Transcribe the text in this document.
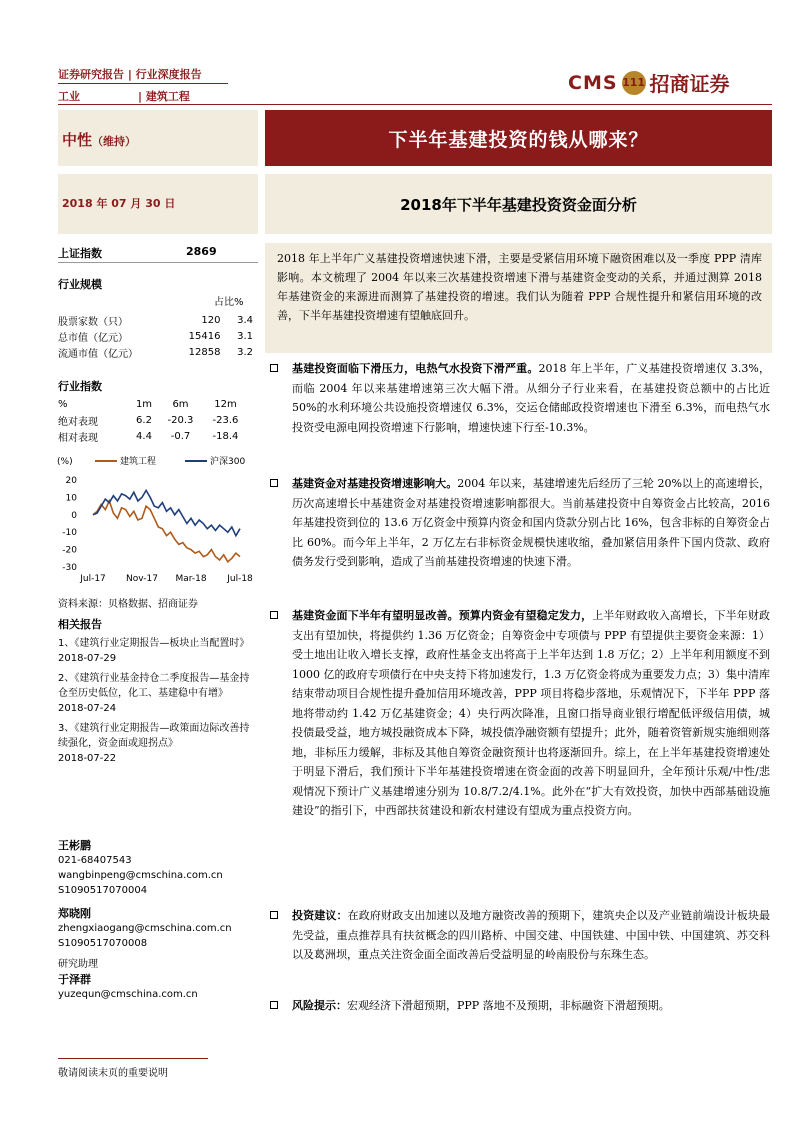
证券研究报告 | 行业深度报告
工业	| 建筑工程
CMS 111 招商证券
中性（维持）	下半年基建投资的钱从哪来？
2018 年 07 月 30 日	2018年下半年基建投资资金面分析
上证指数	2869
行业规模
占比%
股票家数（只）	120	3.4
总市值（亿元）	15416	3.1
流通市值（亿元）	12858	3.2
行业指数
%	1m	6m	12m
绝对表现	6.2	-20.3	-23.6
相对表现	4.4	-0.7	-18.4
(%)	建筑工程	沪深300
20
10
0
-10
-20
-30
Jul-17 Nov-17 Mar-18 Jul-18
资料来源：贝格数据、招商证券
相关报告
1、《建筑行业定期报告—板块止当配置时》
2018-07-29
2、《建筑行业基金持仓二季度报告—基金持仓至历史低位，化工、基建稳中有增》
2018-07-24
3、《建筑行业定期报告—政策面边际改善持续强化，资金面或迎拐点》
2018-07-22
王彬鹏
021-68407543
wangbinpeng@cmschina.com.cn
S1090517070004
郑晓刚
zhengxiaogang@cmschina.com.cn
S1090517070008
研究助理
于泽群
yuzequn@cmschina.com.cn
2018 年上半年广义基建投资增速快速下滑，主要是受紧信用环境下融资困难以及一季度 PPP 清库影响。本文梳理了 2004 年以来三次基建投资增速下滑与基建资金变动的关系，并通过测算 2018 年基建资金的来源进而测算了基建投资的增速。我们认为随着 PPP 合规性提升和紧信用环境的改善，下半年基建投资增速有望触底回升。
基建投资面临下滑压力，电热气水投资下滑严重。2018 年上半年，广义基建投资增速仅 3.3%，而临 2004 年以来基建增速第三次大幅下滑。从细分子行业来看，在基建投资总额中的占比近 50%的水利环境公共设施投资增速仅 6.3%，交运仓储邮政投资增速也下滑至 6.3%，而电热气水投资受电源电网投资增速下行影响，增速快速下行至-10.3%。
基建资金对基建投资增速影响大。2004 年以来，基建增速先后经历了三轮 20%以上的高速增长，历次高速增长中基建资金对基建投资增速影响都很大。当前基建投资中自筹资金占比较高，2016 年基建投资到位的 13.6 万亿资金中预算内资金和国内贷款分别占比 16%，包含非标的自筹资金占比 60%。而今年上半年，2 万亿左右非标资金规模快速收缩，叠加紧信用条件下国内贷款、政府债务发行受到影响，造成了当前基建投资增速的快速下滑。
基建资金面下半年有望明显改善。预算内资金有望稳定发力，上半年财政收入高增长，下半年财政支出有望加快，将提供约 1.36 万亿资金；自筹资金中专项债与 PPP 有望提供主要资金来源：1）受土地出让收入增长支撑，政府性基金支出将高于上半年达到 1.8 万亿；2）上半年利用额度不到 1000 亿的政府专项债行在中央支持下将加速发行，1.3 万亿资金将成为重要发力点；3）集中清库结束带动项目合规性提升叠加信用环境改善，PPP 项目将稳步落地，乐观情况下，下半年 PPP 落地将带动约 1.42 万亿基建资金；4）央行两次降准，且窗口指导商业银行增配低评级信用债，城投债最受益，地方城投融资成本下降，城投债净融资额有望提升；此外，随着资管新规实施细则落地，非标压力缓解，非标及其他自筹资金融资预计也将逐渐回升。综上，在上半年基建投资增速处于明显下滑后，我们预计下半年基建投资增速在资金面的改善下明显回升，全年预计乐观/中性/悲观情况下预计广义基建增速分别为 10.8/7.2/4.1%。此外在“扩大有效投资，加快中西部基础设施建设”的指引下，中西部扶贫建设和新农村建设有望成为重点投资方向。
投资建议：在政府财政支出加速以及地方融资改善的预期下，建筑央企以及产业链前端设计板块最先受益，重点推荐具有扶贫概念的四川路桥、中国交建、中国铁建、中国中铁、中国建筑、苏交科以及葛洲坝，重点关注资金面全面改善后受益明显的岭南股份与东珠生态。
风险提示：宏观经济下滑超预期，PPP 落地不及预期，非标融资下滑超预期。
敬请阅读末页的重要说明
